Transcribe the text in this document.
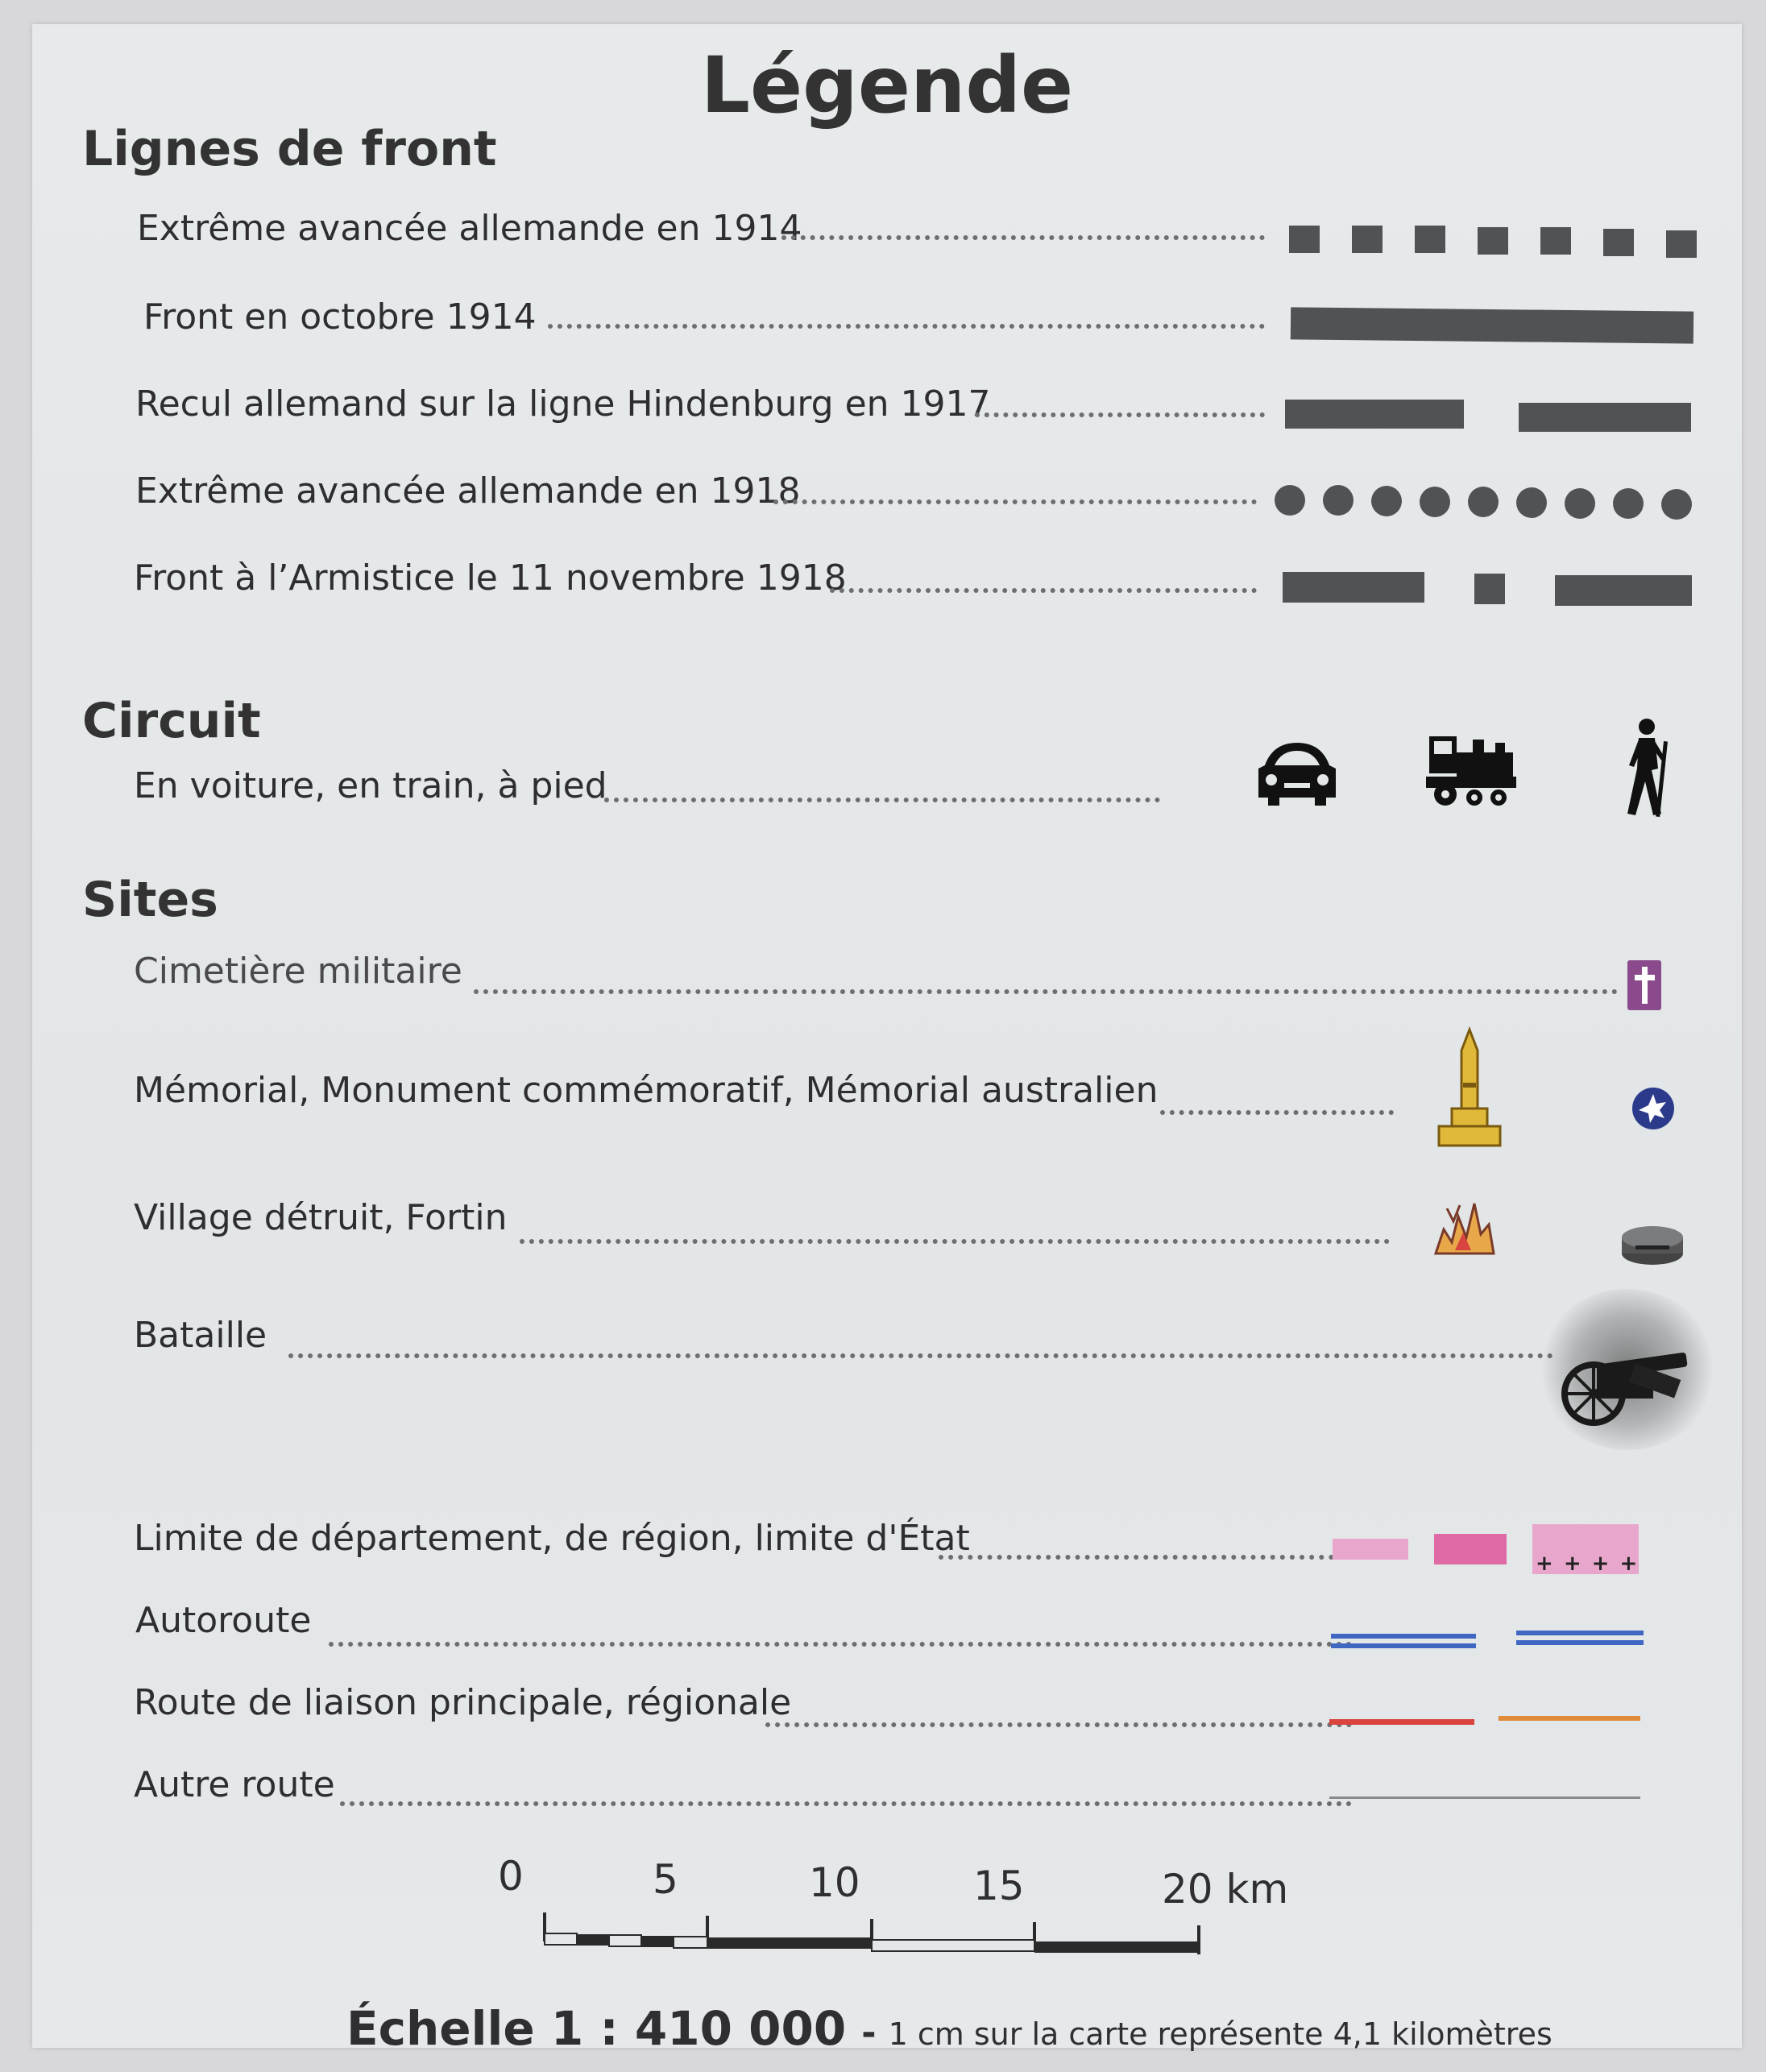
Légende
Lignes de front
Extrême avancée allemande en 1914
Front en octobre 1914
Recul allemand sur la ligne Hindenburg en 1917
Extrême avancée allemande en 1918
Front à l’Armistice le 11 novembre 1918
Circuit
En voiture, en train, à pied
Sites
Cimetière militaire
Mémorial, Monument commémoratif, Mémorial australien
Village détruit, Fortin
Bataille
Limite de département, de région, limite d'État
+ + + +
Autoroute
Route de liaison principale, régionale
Autre route
0	5	10	15	20 km
Échelle 1 : 410 000 - 1 cm sur la carte représente 4,1 kilomètres
